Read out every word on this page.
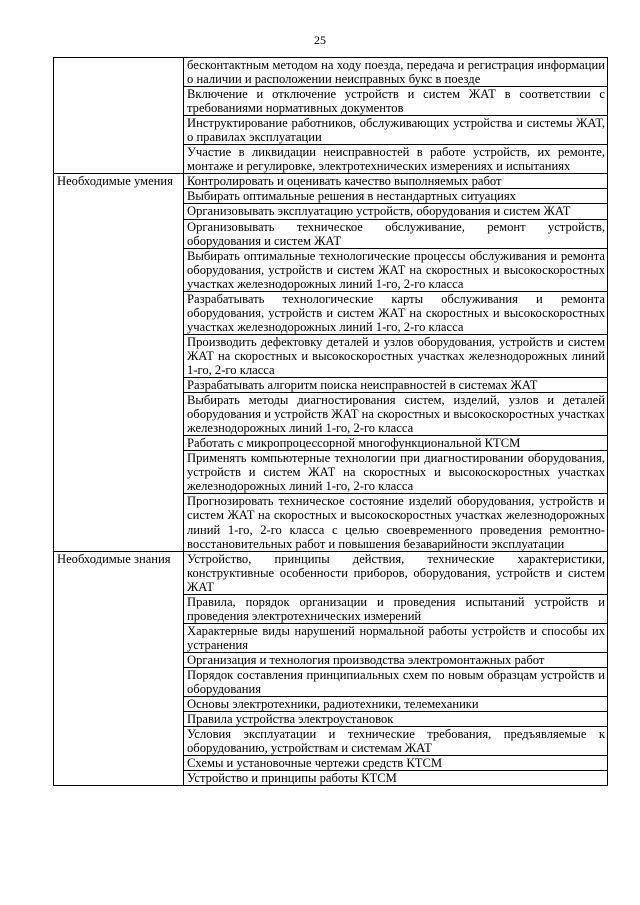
25
	бесконтактным методом на ходу поезда, передача и регистрация информации о наличии и расположении неисправных букс в поезде
	Включение и отключение устройств и систем ЖАТ в соответствии с требованиями нормативных документов
	Инструктирование работников, обслуживающих устройства и системы ЖАТ, о правилах эксплуатации
	Участие в ликвидации неисправностей в работе устройств, их ремонте, монтаже и регулировке, электротехнических измерениях и испытаниях
Необходимые умения	Контролировать и оценивать качество выполняемых работ
	Выбирать оптимальные решения в нестандартных ситуациях
	Организовывать эксплуатацию устройств, оборудования и систем ЖАТ
	Организовывать техническое обслуживание, ремонт устройств, оборудования и систем ЖАТ
	Выбирать оптимальные технологические процессы обслуживания и ремонта оборудования, устройств и систем ЖАТ на скоростных и высокоскоростных участках железнодорожных линий 1-го, 2-го класса
	Разрабатывать технологические карты обслуживания и ремонта оборудования, устройств и систем ЖАТ на скоростных и высокоскоростных участках железнодорожных линий 1-го, 2-го класса
	Производить дефектовку деталей и узлов оборудования, устройств и систем ЖАТ на скоростных и высокоскоростных участках железнодорожных линий 1-го, 2-го класса
	Разрабатывать алгоритм поиска неисправностей в системах ЖАТ
	Выбирать методы диагностирования систем, изделий, узлов и деталей оборудования и устройств ЖАТ на скоростных и высокоскоростных участках железнодорожных линий 1-го, 2-го класса
	Работать с микропроцессорной многофункциональной КТСМ
	Применять компьютерные технологии при диагностировании оборудования, устройств и систем ЖАТ на скоростных и высокоскоростных участках железнодорожных линий 1-го, 2-го класса
	Прогнозировать техническое состояние изделий оборудования, устройств и систем ЖАТ на скоростных и высокоскоростных участках железнодорожных линий 1-го, 2-го класса с целью своевременного проведения ремонтно-восстановительных работ и повышения безаварийности эксплуатации
Необходимые знания	Устройство, принципы действия, технические характеристики, конструктивные особенности приборов, оборудования, устройств и систем ЖАТ
	Правила, порядок организации и проведения испытаний устройств и проведения электротехнических измерений
	Характерные виды нарушений нормальной работы устройств и способы их устранения
	Организация и технология производства электромонтажных работ
	Порядок составления принципиальных схем по новым образцам устройств и оборудования
	Основы электротехники, радиотехники, телемеханики
	Правила устройства электроустановок
	Условия эксплуатации и технические требования, предъявляемые к оборудованию, устройствам и системам ЖАТ
	Схемы и установочные чертежи средств КТСМ
	Устройство и принципы работы КТСМ
